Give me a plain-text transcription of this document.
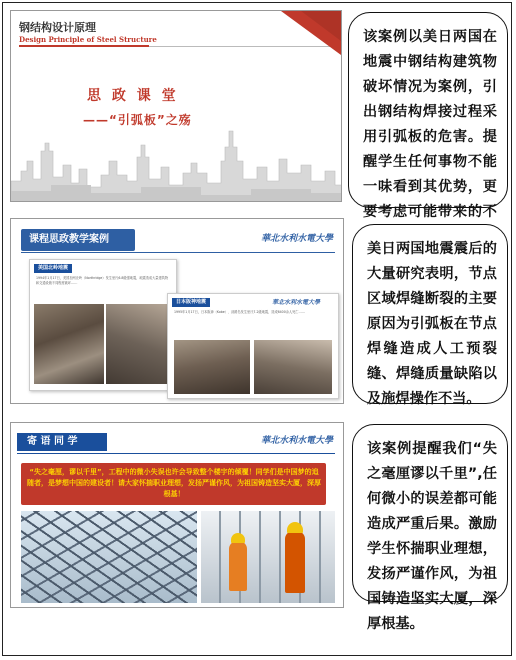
钢结构设计原理
Design Principle of Steel Structure
思 政 课 堂
——“引弧板”之殇
该案例以美日两国在地震中钢结构建筑物破坏情况为案例，引出钢结构焊接过程采用引弧板的危害。提醒学生任何事物不能一味看到其优势，更要考虑可能带来的不
课程思政教学案例	華北水利水電大學
美国北岭地震
1994年1月17日，美国加州北岭（Northridge）发生里氏6.8级强地震，地震造成大量建筑物和交通设施不同程度破坏……
日本阪神地震	華北水利水電大學
1995年1月17日，日本阪神（Kobe）、淡路岛发生里氏7.2级地震，造成6400余人死亡……
美日两国地震震后的大量研究表明，节点区域焊缝断裂的主要原因为引弧板在节点焊缝造成人工预裂缝、焊缝质量缺陷以及施焊操作不当。
寄 语 同 学	華北水利水電大學
“失之毫厘，谬以千里”，工程中的微小失误也许会导致整个楼宇的倾覆！同学们是中国梦的追随者，是梦想中国的建设者！请大家怀揣职业理想，发扬严谨作风，为祖国铸造坚实大厦，深厚根基！
该案例提醒我们“失之毫厘谬以千里”,任何微小的误差都可能造成严重后果。激励学生怀揣职业理想，发扬严谨作风，为祖国铸造坚实大厦，深厚根基。
